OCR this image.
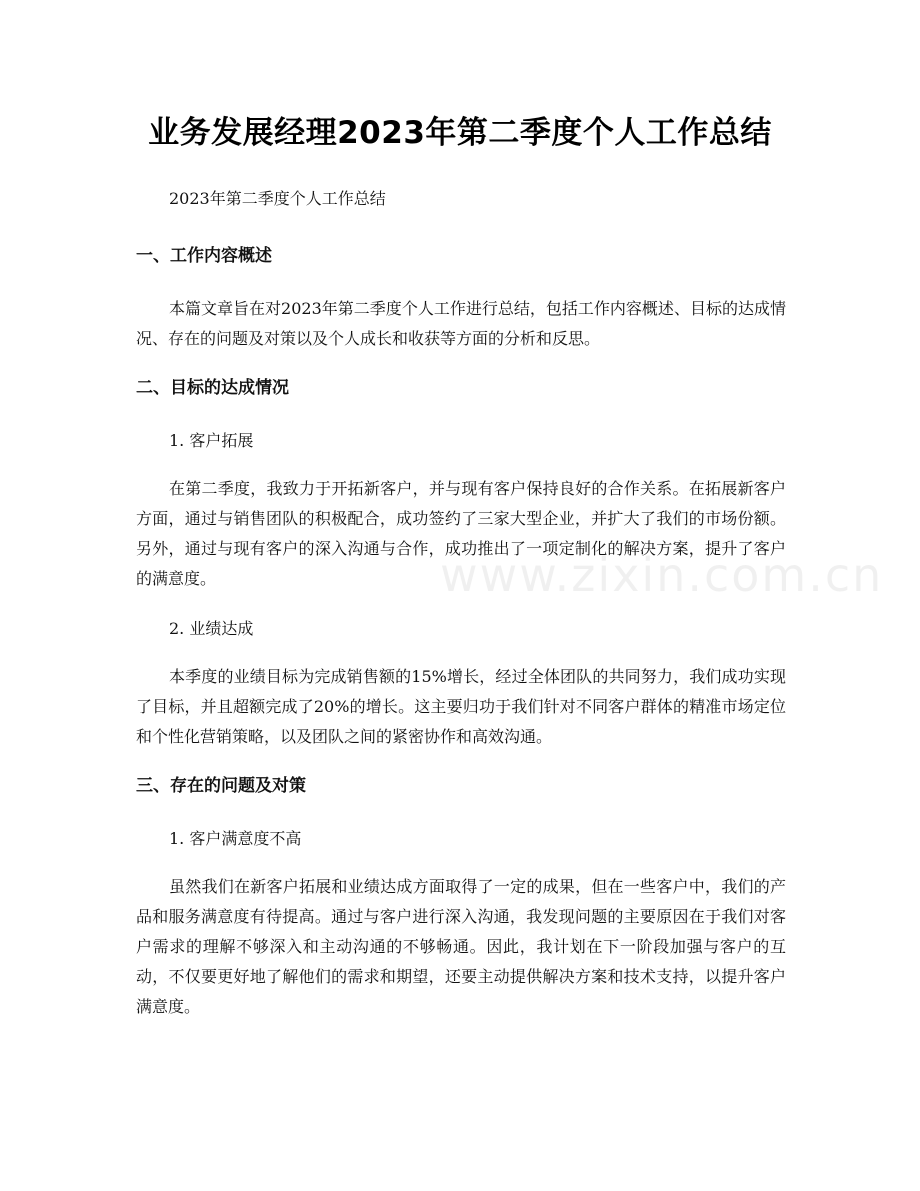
www.zixin.com.cn
业务发展经理2023年第二季度个人工作总结

2023年第二季度个人工作总结

一、工作内容概述

本篇文章旨在对2023年第二季度个人工作进行总结，包括工作内容概述、目标的达成情况、存在的问题及对策以及个人成长和收获等方面的分析和反思。

二、目标的达成情况
1. 客户拓展

在第二季度，我致力于开拓新客户，并与现有客户保持良好的合作关系。在拓展新客户方面，通过与销售团队的积极配合，成功签约了三家大型企业，并扩大了我们的市场份额。另外，通过与现有客户的深入沟通与合作，成功推出了一项定制化的解决方案，提升了客户的满意度。

2. 业绩达成

本季度的业绩目标为完成销售额的15%增长，经过全体团队的共同努力，我们成功实现了目标，并且超额完成了20%的增长。这主要归功于我们针对不同客户群体的精准市场定位和个性化营销策略，以及团队之间的紧密协作和高效沟通。

三、存在的问题及对策
1. 客户满意度不高

虽然我们在新客户拓展和业绩达成方面取得了一定的成果，但在一些客户中，我们的产品和服务满意度有待提高。通过与客户进行深入沟通，我发现问题的主要原因在于我们对客户需求的理解不够深入和主动沟通的不够畅通。因此，我计划在下一阶段加强与客户的互动，不仅要更好地了解他们的需求和期望，还要主动提供解决方案和技术支持，以提升客户满意度。
